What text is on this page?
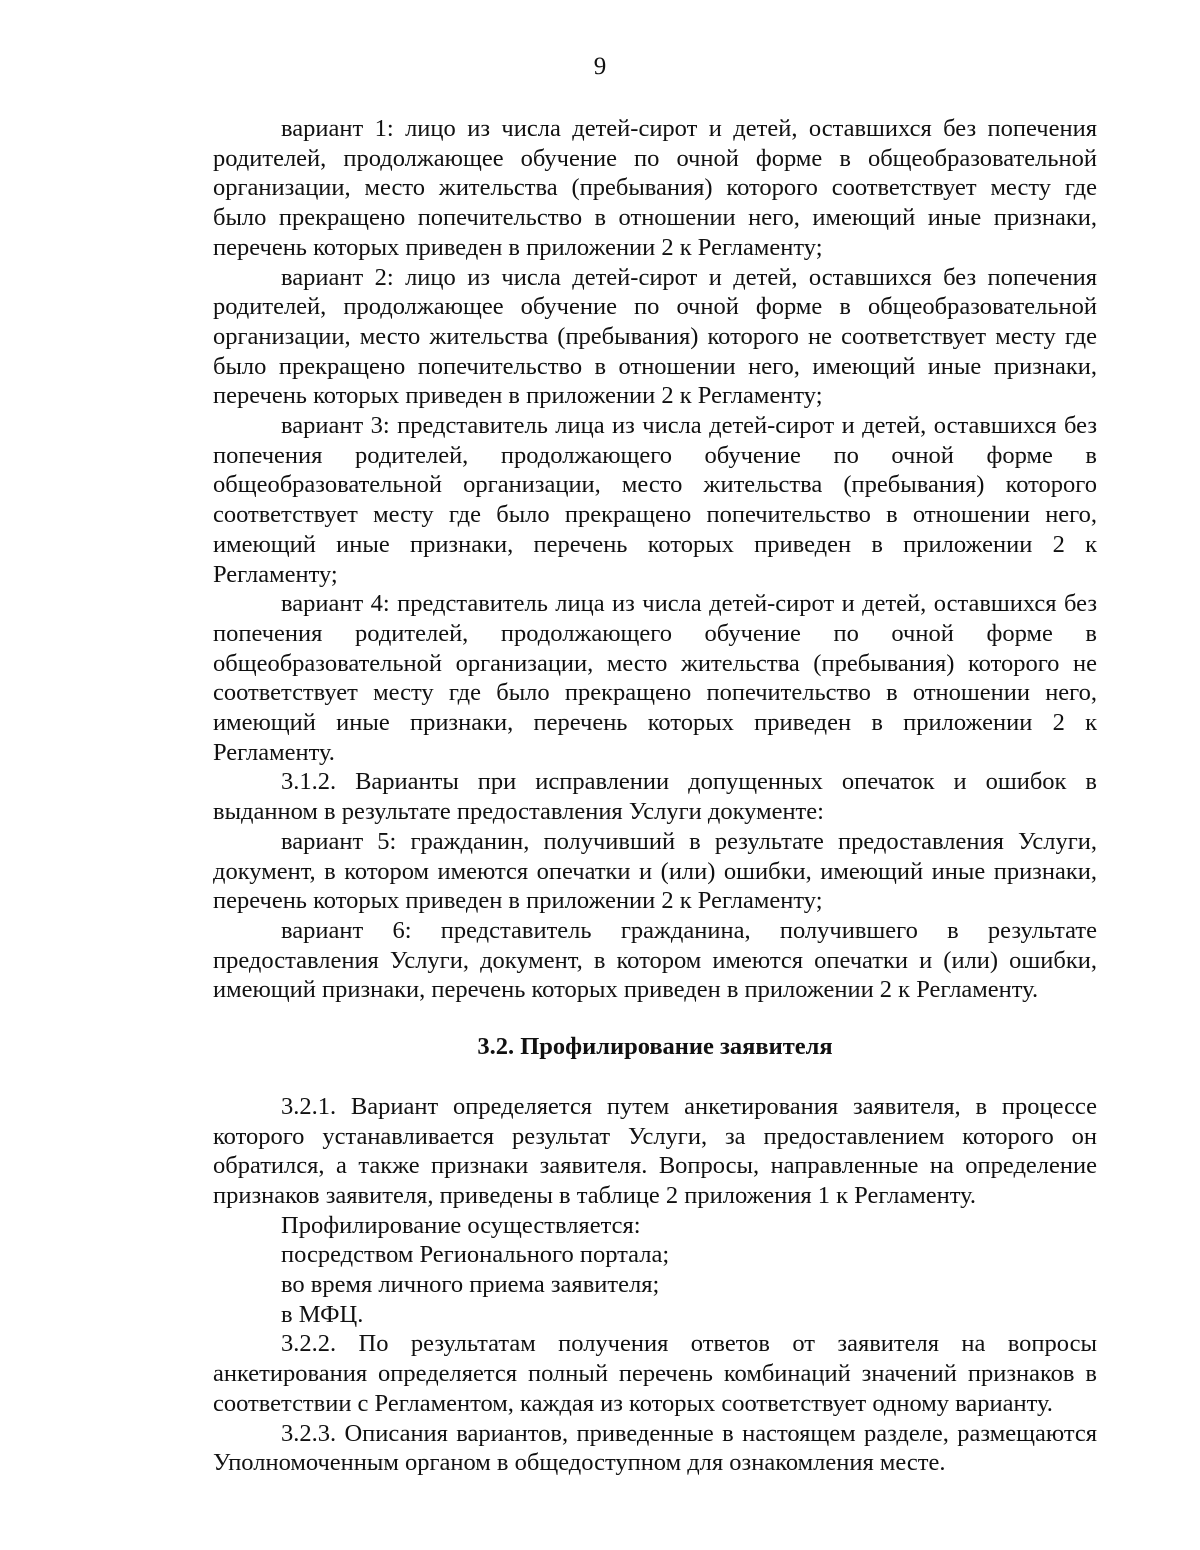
9

вариант 1: лицо из числа детей-сирот и детей, оставшихся без попечения родителей, продолжающее обучение по очной форме в общеобразовательной организации, место жительства (пребывания) которого соответствует месту где было прекращено попечительство в отношении него, имеющий иные признаки, перечень которых приведен в приложении 2 к Регламенту;

вариант 2: лицо из числа детей-сирот и детей, оставшихся без попечения родителей, продолжающее обучение по очной форме в общеобразовательной организации, место жительства (пребывания) которого не соответствует месту где было прекращено попечительство в отношении него, имеющий иные признаки, перечень которых приведен в приложении 2 к Регламенту;

вариант 3: представитель лица из числа детей-сирот и детей, оставшихся без попечения родителей, продолжающего обучение по очной форме в общеобразовательной организации, место жительства (пребывания) которого соответствует месту где было прекращено попечительство в отношении него, имеющий иные признаки, перечень которых приведен в приложении 2 к Регламенту;

вариант 4: представитель лица из числа детей-сирот и детей, оставшихся без попечения родителей, продолжающего обучение по очной форме в общеобразовательной организации, место жительства (пребывания) которого не соответствует месту где было прекращено попечительство в отношении него, имеющий иные признаки, перечень которых приведен в приложении 2 к Регламенту.

3.1.2. Варианты при исправлении допущенных опечаток и ошибок в выданном в результате предоставления Услуги документе:

вариант 5: гражданин, получивший в результате предоставления Услуги, документ, в котором имеются опечатки и (или) ошибки, имеющий иные признаки, перечень которых приведен в приложении 2 к Регламенту;

вариант 6: представитель гражданина, получившего в результате предоставления Услуги, документ, в котором имеются опечатки и (или) ошибки, имеющий признаки, перечень которых приведен в приложении 2 к Регламенту.

3.2. Профилирование заявителя

3.2.1. Вариант определяется путем анкетирования заявителя, в процессе которого устанавливается результат Услуги, за предоставлением которого он обратился, а также признаки заявителя. Вопросы, направленные на определение признаков заявителя, приведены в таблице 2 приложения 1 к Регламенту.

Профилирование осуществляется:

посредством Регионального портала;

во время личного приема заявителя;

в МФЦ.

3.2.2. По результатам получения ответов от заявителя на вопросы анкетирования определяется полный перечень комбинаций значений признаков в соответствии с Регламентом, каждая из которых соответствует одному варианту.

3.2.3. Описания вариантов, приведенные в настоящем разделе, размещаются Уполномоченным органом в общедоступном для ознакомления месте.
